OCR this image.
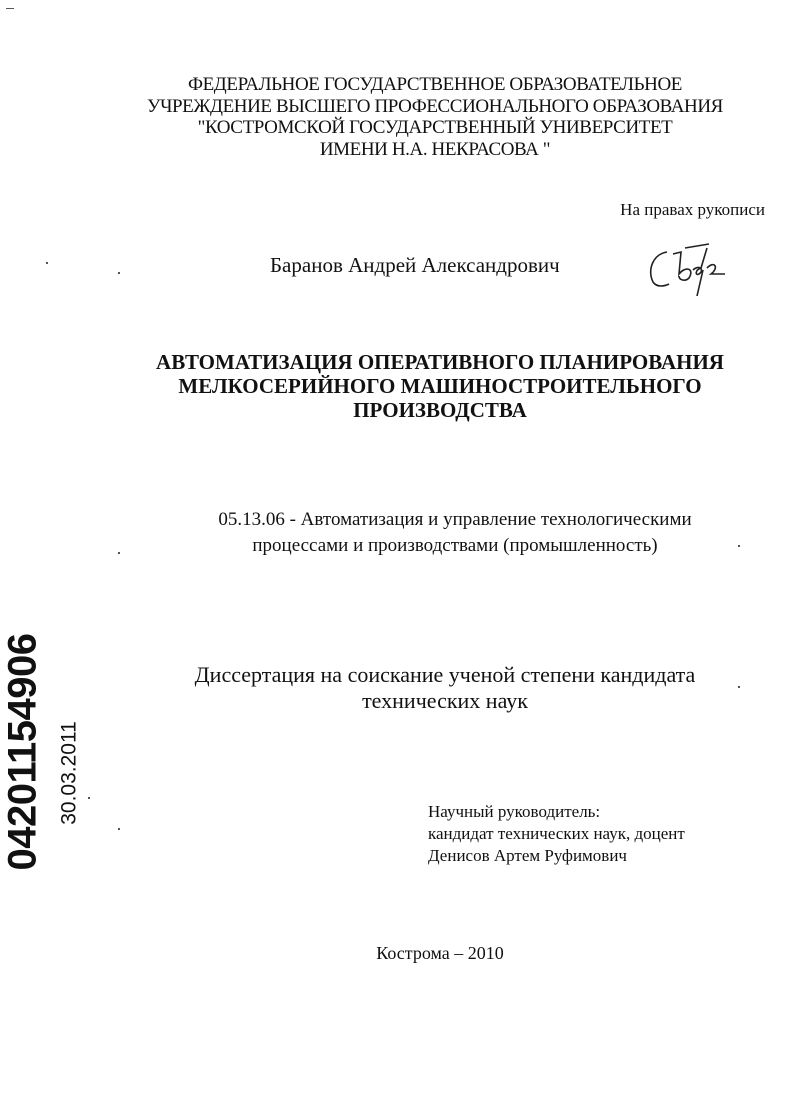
ФЕДЕРАЛЬНОЕ ГОСУДАРСТВЕННОЕ ОБРАЗОВАТЕЛЬНОЕ
УЧРЕЖДЕНИЕ ВЫСШЕГО ПРОФЕССИОНАЛЬНОГО ОБРАЗОВАНИЯ
"КОСТРОМСКОЙ ГОСУДАРСТВЕННЫЙ УНИВЕРСИТЕТ
ИМЕНИ Н.А. НЕКРАСОВА "
На правах рукописи
Баранов Андрей Александрович
АВТОМАТИЗАЦИЯ ОПЕРАТИВНОГО ПЛАНИРОВАНИЯ
МЕЛКОСЕРИЙНОГО МАШИНОСТРОИТЕЛЬНОГО
ПРОИЗВОДСТВА
05.13.06 - Автоматизация и управление технологическими
процессами и производствами (промышленность)
Диссертация на соискание ученой степени кандидата
технических наук
Научный руководитель:
кандидат технических наук, доцент
Денисов Артем Руфимович
Кострома – 2010
04201154906 30.03.2011
